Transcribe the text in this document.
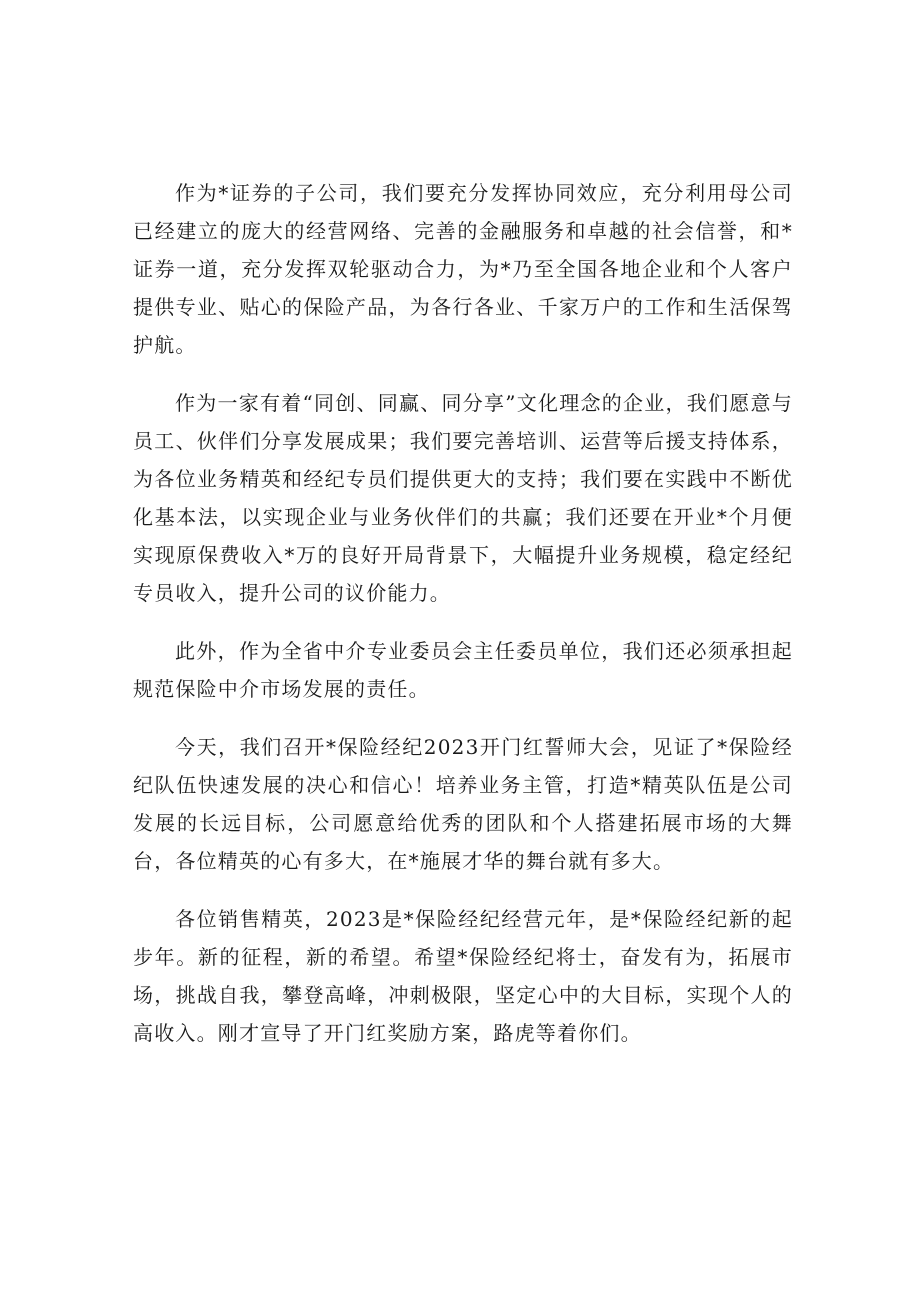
作为*证券的子公司，我们要充分发挥协同效应，充分利用母公司已经建立的庞大的经营网络、完善的金融服务和卓越的社会信誉，和*证券一道，充分发挥双轮驱动合力，为*乃至全国各地企业和个人客户提供专业、贴心的保险产品，为各行各业、千家万户的工作和生活保驾护航。

作为一家有着“同创、同赢、同分享”文化理念的企业，我们愿意与员工、伙伴们分享发展成果；我们要完善培训、运营等后援支持体系，为各位业务精英和经纪专员们提供更大的支持；我们要在实践中不断优化基本法，以实现企业与业务伙伴们的共赢；我们还要在开业*个月便实现原保费收入*万的良好开局背景下，大幅提升业务规模，稳定经纪专员收入，提升公司的议价能力。

此外，作为全省中介专业委员会主任委员单位，我们还必须承担起规范保险中介市场发展的责任。

今天，我们召开*保险经纪2023开门红誓师大会，见证了*保险经纪队伍快速发展的决心和信心！培养业务主管，打造*精英队伍是公司发展的长远目标，公司愿意给优秀的团队和个人搭建拓展市场的大舞台，各位精英的心有多大，在*施展才华的舞台就有多大。

各位销售精英，2023是*保险经纪经营元年，是*保险经纪新的起步年。新的征程，新的希望。希望*保险经纪将士，奋发有为，拓展市场，挑战自我，攀登高峰，冲刺极限，坚定心中的大目标，实现个人的高收入。刚才宣导了开门红奖励方案，路虎等着你们。
